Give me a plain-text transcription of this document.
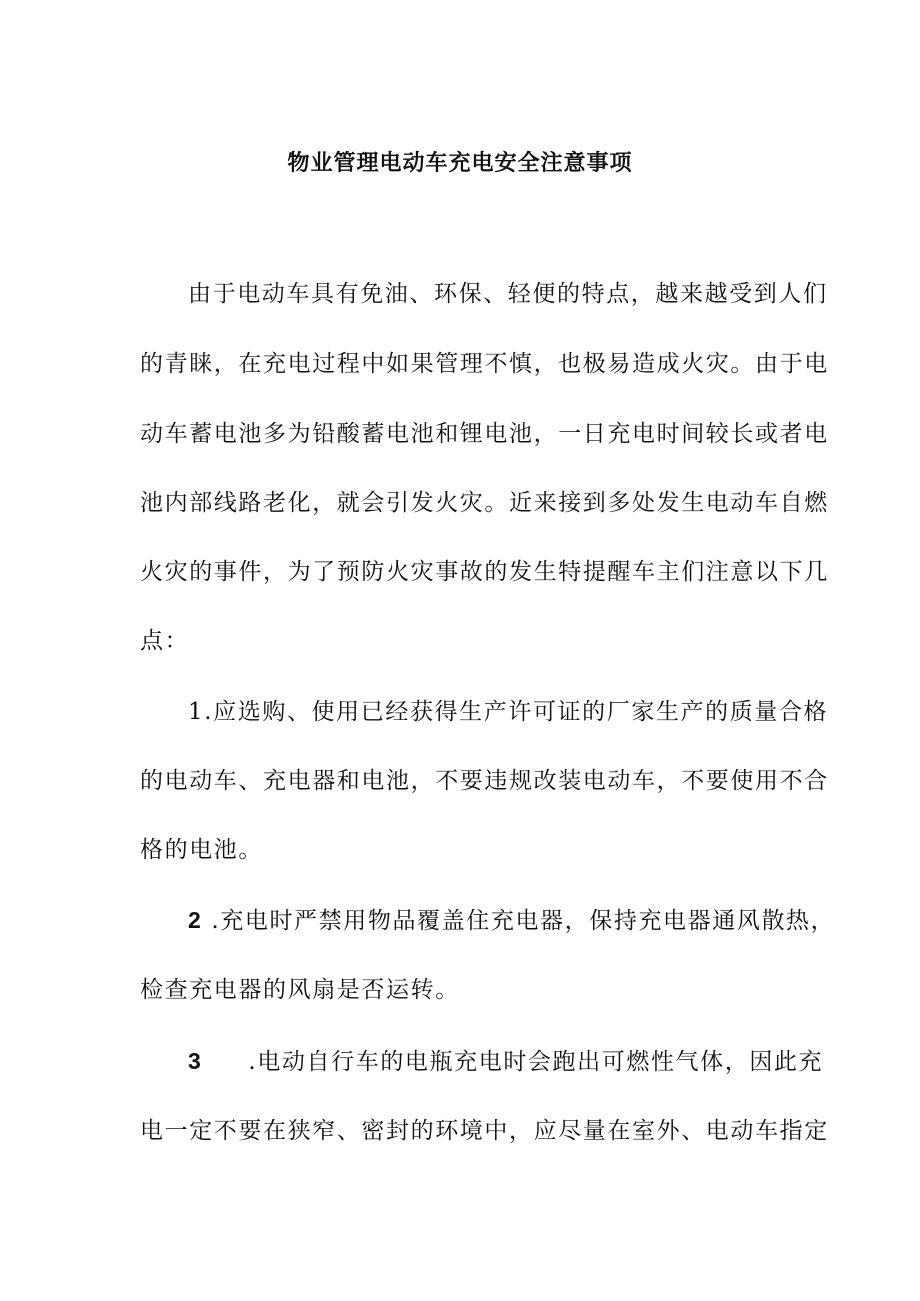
物业管理电动车充电安全注意事项
由于电动车具有免油、环保、轻便的特点，越来越受到人们
的青睐，在充电过程中如果管理不慎，也极易造成火灾。由于电
动车蓄电池多为铅酸蓄电池和锂电池，一日充电时间较长或者电
池内部线路老化，就会引发火灾。近来接到多处发生电动车自燃
火灾的事件，为了预防火灾事故的发生特提醒车主们注意以下几
点：
1.应选购、使用已经获得生产许可证的厂家生产的质量合格
的电动车、充电器和电池，不要违规改装电动车，不要使用不合
格的电池。
2 .充电时严禁用物品覆盖住充电器，保持充电器通风散热，
检查充电器的风扇是否运转。
3 .电动自行车的电瓶充电时会跑出可燃性气体，因此充
电一定不要在狭窄、密封的环境中，应尽量在室外、电动车指定
